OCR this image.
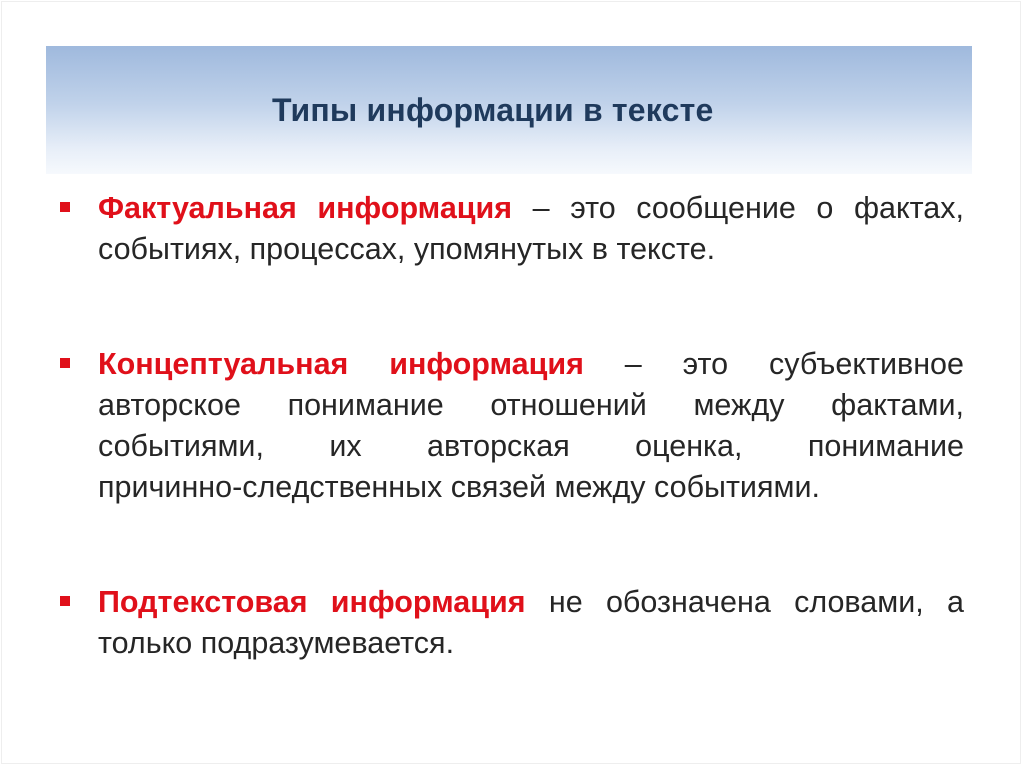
Типы информации в тексте
Фактуальная информация – это сообщение о фактах,
событиях, процессах, упомянутых в тексте.
Концептуальная информация – это субъективное
авторское понимание отношений между фактами,
событиями, их авторская оценка, понимание
причинно-следственных связей между событиями.
Подтекстовая информация не обозначена словами, а
только подразумевается.
